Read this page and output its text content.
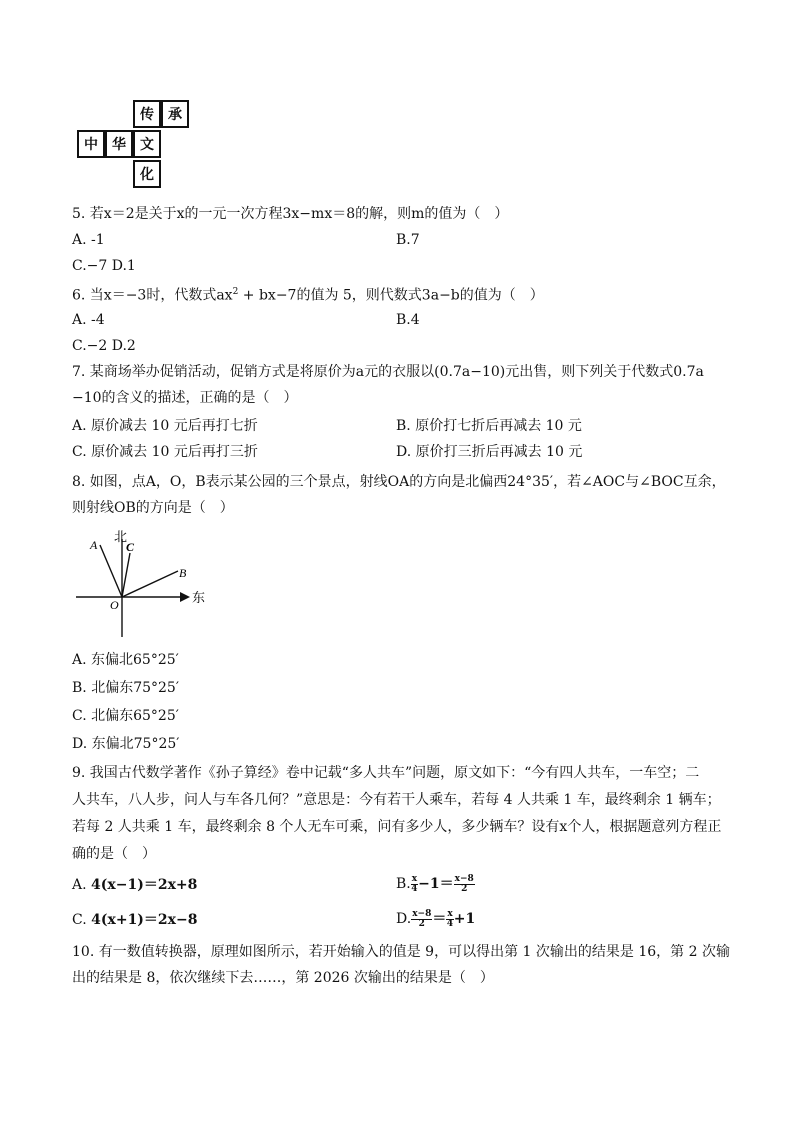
传	承
中	华	文
化
5. 若x＝2是关于x的一元一次方程3x−mx＝8的解，则m的值为（　）
A. -1	B.7
C.−7 D.1
6. 当x＝−3时，代数式$ax^2 + bx-7$的值为 5，则代数式3a−b的值为（　）
A. -4	B.4
C.−2 D.2
7. 某商场举办促销活动，促销方式是将原价为a元的衣服以(0.7a−10)元出售，则下列关于代数式0.7a
−10的含义的描述，正确的是（　）
A. 原价减去 10 元后再打七折	B. 原价打七折后再减去 10 元
C. 原价减去 10 元后再打三折	D. 原价打三折后再减去 10 元
8. 如图，点A，O，B表示某公园的三个景点，射线OA的方向是北偏西24°35′，若∠AOC与∠BOC互余，
则射线OB的方向是（　）
A 北
C
B
O	东
A. 东偏北65°25′
B. 北偏东75°25′
C. 北偏东65°25′
D. 东偏北75°25′
9. 我国古代数学著作《孙子算经》卷中记载“多人共车”问题，原文如下：“今有四人共车，一车空；二
人共车，八人步，问人与车各几何？”意思是：今有若干人乘车，若每 4 人共乘 1 车，最终剩余 1 辆车；
若每 2 人共乘 1 车，最终剩余 8 个人无车可乘，问有多少人，多少辆车？设有x个人，根据题意列方程正
确的是（　）
A. 4(x−1)＝2x+8	B. $\frac{x}{4} -1= \frac{x-8}{2}$
C. 4(x+1)＝2x−8	D. $\frac{x-8}{2} = \frac{x}{4} +1$
10. 有一数值转换器，原理如图所示，若开始输入的值是 9，可以得出第 1 次输出的结果是 16，第 2 次输
出的结果是 8，依次继续下去……，第 2026 次输出的结果是（　）
